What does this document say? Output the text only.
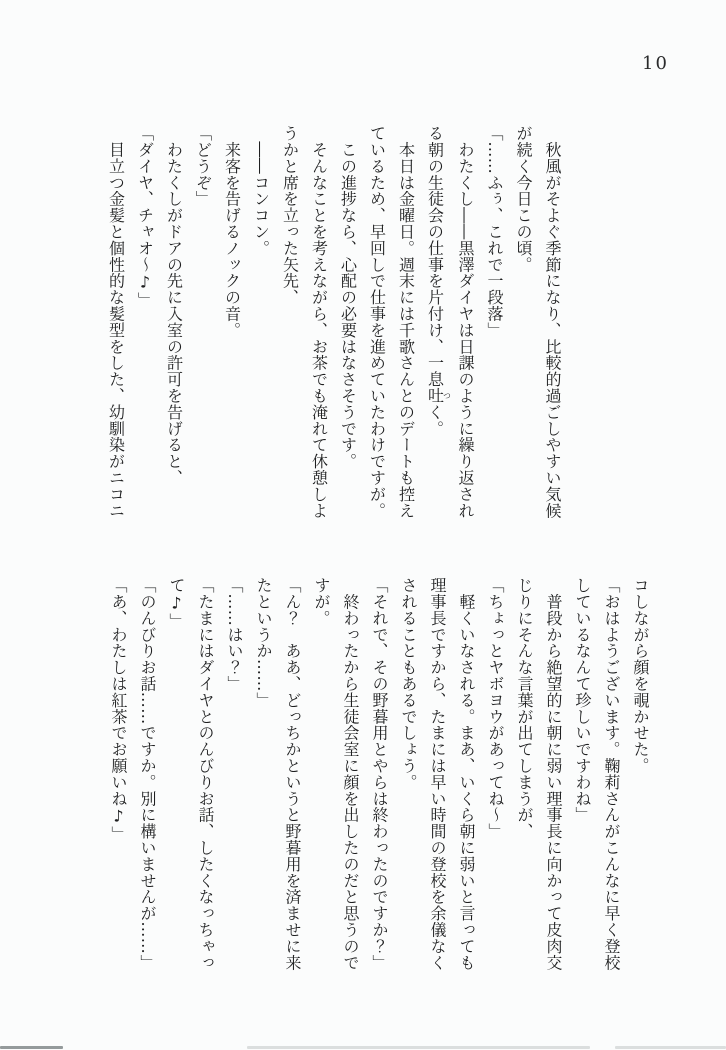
10
　秋風がそよぐ季節になり、比較的過ごしやすい気候
が続く今日この頃。
「……ふぅ、これで一段落」
　わたくし――黒澤ダイヤは日課のように繰り返され
る朝の生徒会の仕事を片付け、一息吐つく。
　本日は金曜日。週末には千歌さんとのデートも控え
ているため、早回しで仕事を進めていたわけですが。
　この進捗なら、心配の必要はなさそうです。
　そんなことを考えながら、お茶でも淹れて休憩しよ
うかと席を立った矢先、
　――コンコン。
　来客を告げるノックの音。
「どうぞ」
　わたくしがドアの先に入室の許可を告げると、
「ダイヤ、チャオ～♪」
　目立つ金髪と個性的な髪型をした、幼馴染がニコニ
コしながら顔を覗かせた。
「おはようございます。鞠莉さんがこんなに早く登校
しているなんて珍しいですわね」
　普段から絶望的に朝に弱い理事長に向かって皮肉交
じりにそんな言葉が出てしまうが、
「ちょっとヤボヨウがあってね～」
　軽くいなされる。まあ、いくら朝に弱いと言っても
理事長ですから、たまには早い時間の登校を余儀なく
されることもあるでしょう。
「それで、その野暮用とやらは終わったのですか？」
　終わったから生徒会室に顔を出したのだと思うので
すが。
「ん？　ああ、どっちかというと野暮用を済ませに来
たというか……」
「……はい？」
「たまにはダイヤとのんびりお話、したくなっちゃっ
て♪」
「のんびりお話……ですか。別に構いませんが……」
「あ、わたしは紅茶でお願いね♪」
